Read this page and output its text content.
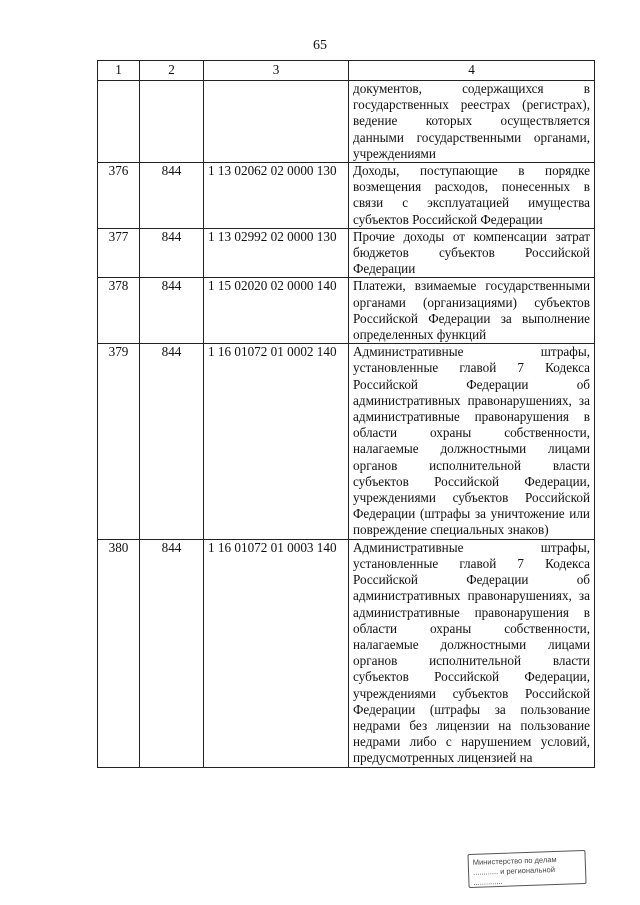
65
1	2	3	4
			документов, содержащихся в государственных реестрах (регистрах), ведение которых осуществляется данными государственными органами, учреждениями
376	844	1 13 02062 02 0000 130	Доходы, поступающие в порядке возмещения расходов, понесенных в связи с эксплуатацией имущества субъектов Российской Федерации
377	844	1 13 02992 02 0000 130	Прочие доходы от компенсации затрат бюджетов субъектов Российской Федерации
378	844	1 15 02020 02 0000 140	Платежи, взимаемые государственными органами (организациями) субъектов Российской Федерации за выполнение определенных функций
379	844	1 16 01072 01 0002 140	Административные штрафы, установленные главой 7 Кодекса Российской Федерации об административных правонарушениях, за административные правонарушения в области охраны собственности, налагаемые должностными лицами органов исполнительной власти субъектов Российской Федерации, учреждениями субъектов Российской Федерации (штрафы за уничтожение или повреждение специальных знаков)
380	844	1 16 01072 01 0003 140	Административные штрафы, установленные главой 7 Кодекса Российской Федерации об административных правонарушениях, за административные правонарушения в области охраны собственности, налагаемые должностными лицами органов исполнительной власти субъектов Российской Федерации, учреждениями субъектов Российской Федерации (штрафы за пользование недрами без лицензии на пользование недрами либо с нарушением условий, предусмотренных лицензией на
Министерство по делам
............ и региональной
..............
